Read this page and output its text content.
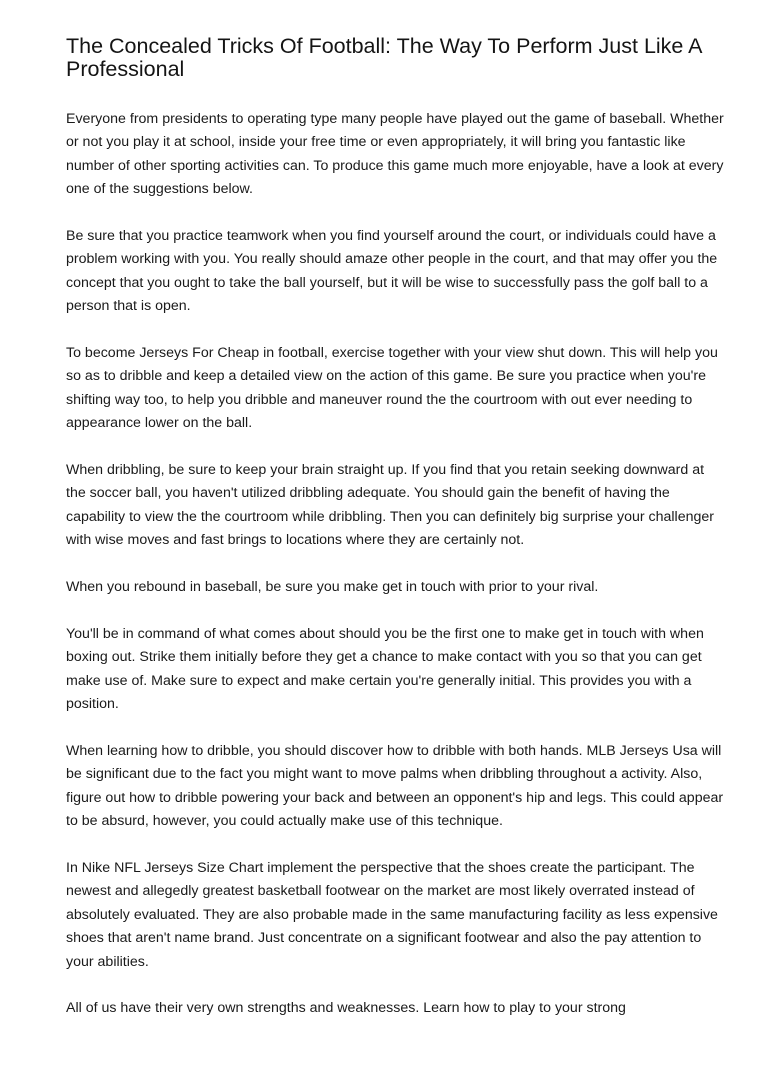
The Concealed Tricks Of Football: The Way To Perform Just Like A Professional

Everyone from presidents to operating type many people have played out the game of baseball. Whether or not you play it at school, inside your free time or even appropriately, it will bring you fantastic like number of other sporting activities can. To produce this game much more enjoyable, have a look at every one of the suggestions below.

Be sure that you practice teamwork when you find yourself around the court, or individuals could have a problem working with you. You really should amaze other people in the court, and that may offer you the concept that you ought to take the ball yourself, but it will be wise to successfully pass the golf ball to a person that is open.

To become Jerseys For Cheap in football, exercise together with your view shut down. This will help you so as to dribble and keep a detailed view on the action of this game. Be sure you practice when you're shifting way too, to help you dribble and maneuver round the the courtroom with out ever needing to appearance lower on the ball.

When dribbling, be sure to keep your brain straight up. If you find that you retain seeking downward at the soccer ball, you haven't utilized dribbling adequate. You should gain the benefit of having the capability to view the the courtroom while dribbling. Then you can definitely big surprise your challenger with wise moves and fast brings to locations where they are certainly not.

When you rebound in baseball, be sure you make get in touch with prior to your rival.

You'll be in command of what comes about should you be the first one to make get in touch with when boxing out. Strike them initially before they get a chance to make contact with you so that you can get make use of. Make sure to expect and make certain you're generally initial. This provides you with a position.

When learning how to dribble, you should discover how to dribble with both hands. MLB Jerseys Usa will be significant due to the fact you might want to move palms when dribbling throughout a activity. Also, figure out how to dribble powering your back and between an opponent's hip and legs. This could appear to be absurd, however, you could actually make use of this technique.

In Nike NFL Jerseys Size Chart implement the perspective that the shoes create the participant. The newest and allegedly greatest basketball footwear on the market are most likely overrated instead of absolutely evaluated. They are also probable made in the same manufacturing facility as less expensive shoes that aren't name brand. Just concentrate on a significant footwear and also the pay attention to your abilities.

All of us have their very own strengths and weaknesses. Learn how to play to your strong
